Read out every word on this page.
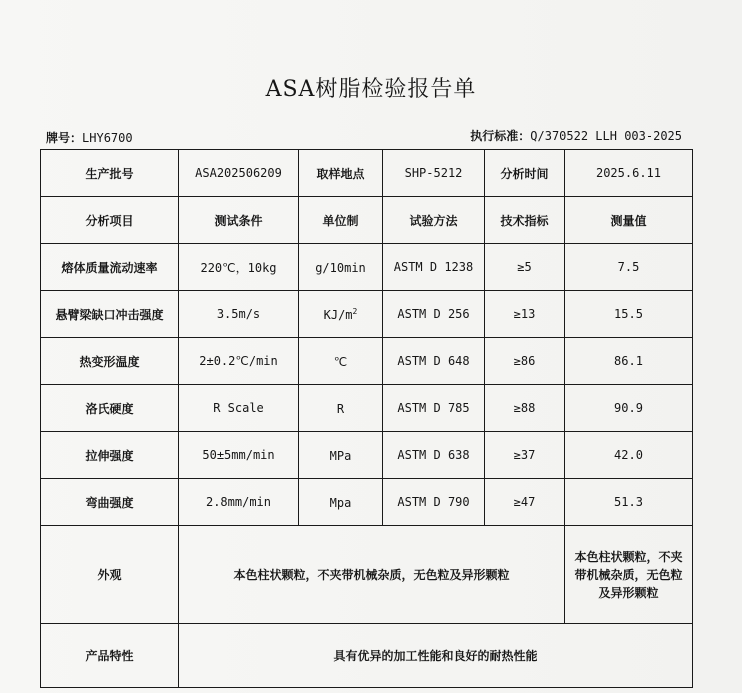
ASA树脂检验报告单
牌号：LHY6700	执行标准：Q/370522 LLH 003-2025
生产批号	ASA202506209	取样地点	SHP-5212	分析时间	2025.6.11
分析项目	测试条件	单位制	试验方法	技术指标	测量值
熔体质量流动速率	220℃，10kg	g/10min	ASTM D 1238	≥5	7.5
悬臂梁缺口冲击强度	3.5m/s	$KJ/m^2$	ASTM D 256	≥13	15.5
热变形温度	2±0.2℃/min	℃	ASTM D 648	≥86	86.1
洛氏硬度	R Scale	R	ASTM D 785	≥88	90.9
拉伸强度	50±5mm/min	MPa	ASTM D 638	≥37	42.0
弯曲强度	2.8mm/min	Mpa	ASTM D 790	≥47	51.3
外观	本色柱状颗粒，不夹带机械杂质，无色粒及异形颗粒				本色柱状颗粒，不夹带机械杂质，无色粒及异形颗粒
产品特性	具有优异的加工性能和良好的耐热性能				
